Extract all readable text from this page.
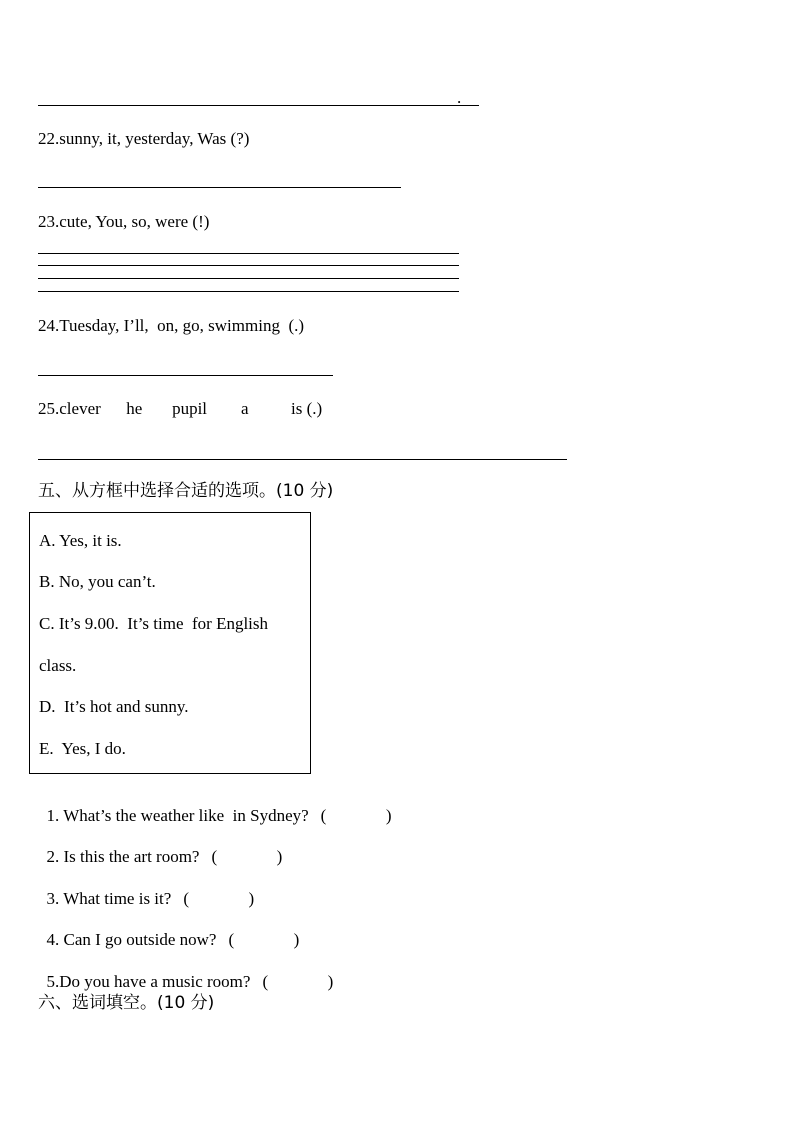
.
22.sunny, it, yesterday, Was (?)
23.cute, You, so, were (!)
24.Tuesday, I’ll,  on, go, swimming  (.)
25.clever      he       pupil        a          is (.)
五、从方框中选择合适的选项。(10 分)
A. Yes, it is.
B. No, you can’t.
C. It’s 9.00.  It’s time  for English
class.
D.  It’s hot and sunny.
E.  Yes, I do.

1. What’s the weather like  in Sydney? (              )

2. Is this the art room? (              )

3. What time is it? (              )

4. Can I go outside now? (              )

5.Do you have a music room? (              )

六、选词填空。(10 分)
